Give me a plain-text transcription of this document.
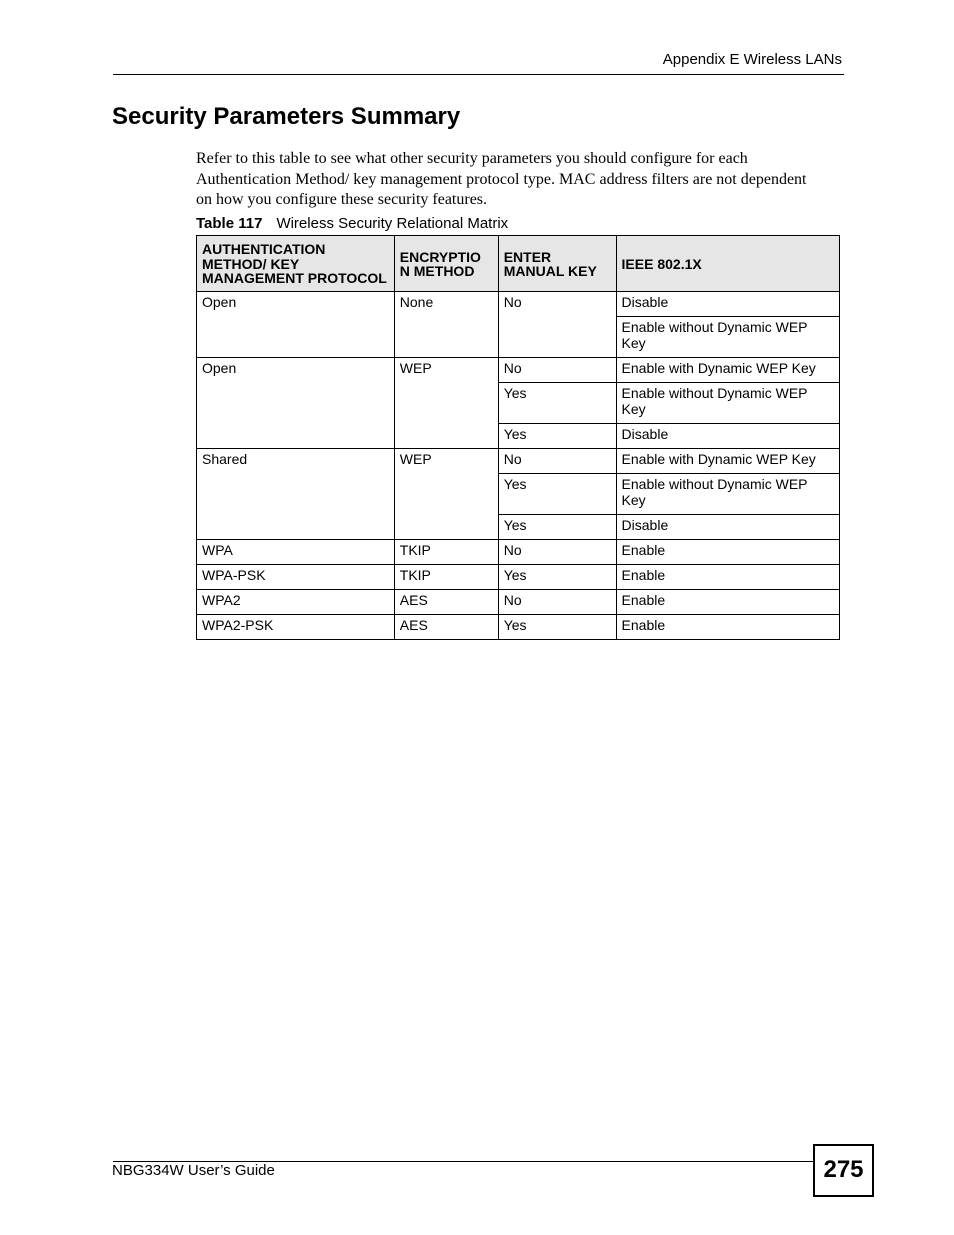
Appendix E Wireless LANs
Security Parameters Summary

Refer to this table to see what other security parameters you should configure for each Authentication Method/ key management protocol type. MAC address filters are not dependent on how you configure these security features.

Table 117 Wireless Security Relational Matrix
AUTHENTICATION METHOD/ KEY MANAGEMENT PROTOCOL	ENCRYPTIO N METHOD	ENTER MANUAL KEY	IEEE 802.1X
Open	None	No	Disable
			Enable without Dynamic WEP Key
Open	WEP	No	Enable with Dynamic WEP Key
		Yes	Enable without Dynamic WEP Key
		Yes	Disable
Shared	WEP	No	Enable with Dynamic WEP Key
		Yes	Enable without Dynamic WEP Key
		Yes	Disable
WPA	TKIP	No	Enable
WPA-PSK	TKIP	Yes	Enable
WPA2	AES	No	Enable
WPA2-PSK	AES	Yes	Enable
NBG334W User’s Guide	275
